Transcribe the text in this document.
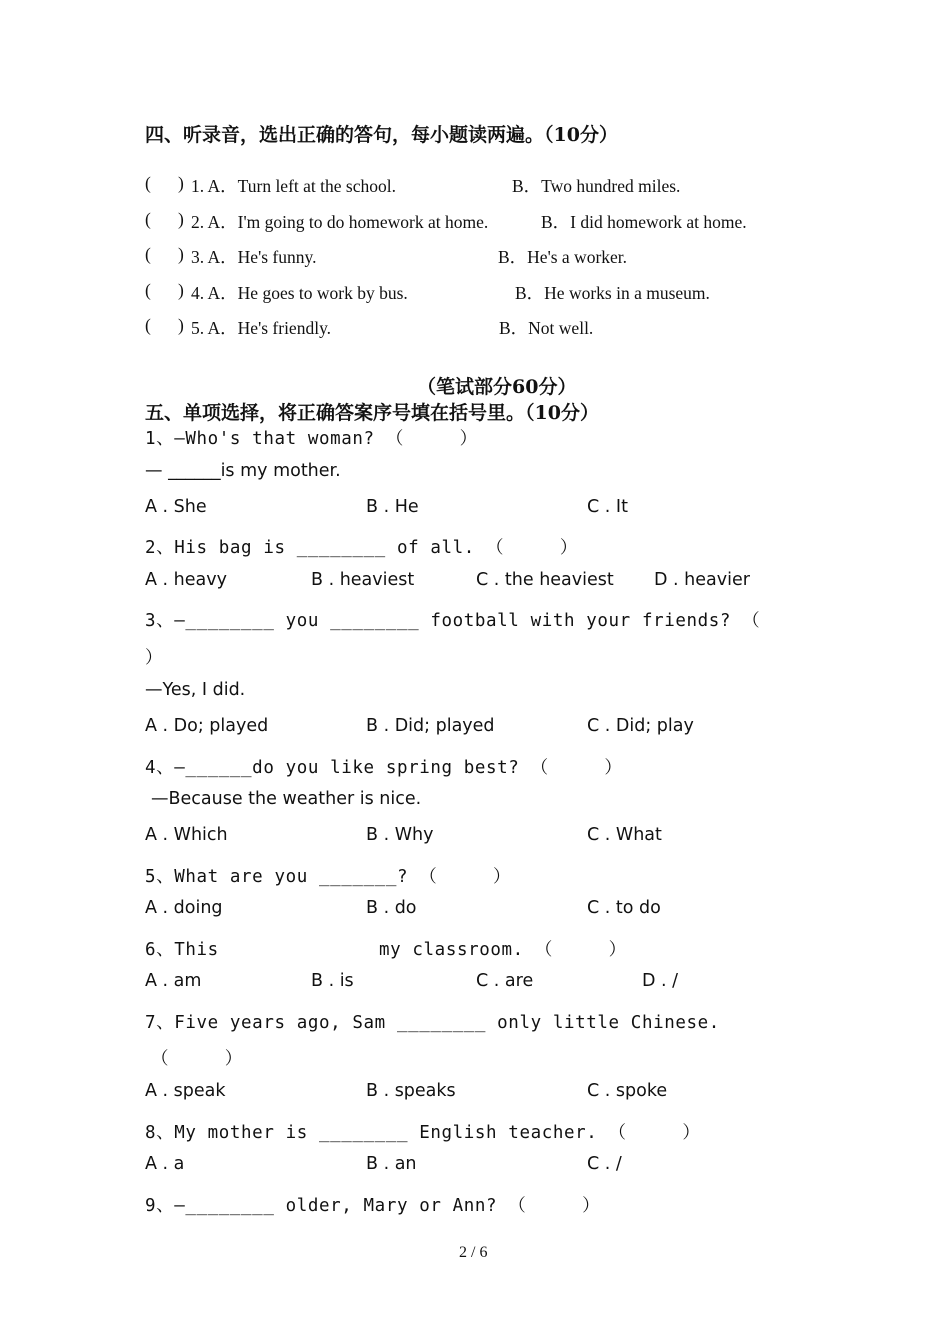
四、听录音，选出正确的答句，每小题读两遍。（10分）
( ) 1. A．Turn left at the school.	B．Two hundred miles.
( ) 2. A．I'm going to do homework at home.	B．I did homework at home.
( ) 3. A．He's funny.	B．He's a worker.
( ) 4. A．He goes to work by bus.	B．He works in a museum.
( ) 5. A．He's friendly.	B．Not well.
（笔试部分60分）
五、单项选择，将正确答案序号填在括号里。（10分）
1、—Who's that woman? （     ）
— ______is my mother.
A . She	B . He	C . It
2、His bag is ________ of all. （     ）
A . heavy	B . heaviest	C . the heaviest D . heavier
3、—________ you ________ football with your friends? （
）
—Yes, I did.
A . Do; played	B . Did; played	C . Did; play
4、—______do you like spring best? （     ）
—Because the weather is nice.
A . Which	B . Why	C . What
5、What are you _______? （     ）
A . doing	B . do	C . to do
6、This	my classroom. （     ）
A . am	B . is	C . are	D . /
7、Five years ago, Sam ________ only little Chinese.
（     ）
A . speak	B . speaks	C . spoke
8、My mother is ________ English teacher. （     ）
A . a	B . an	C . /
9、—________ older, Mary or Ann? （     ）
2 / 6
